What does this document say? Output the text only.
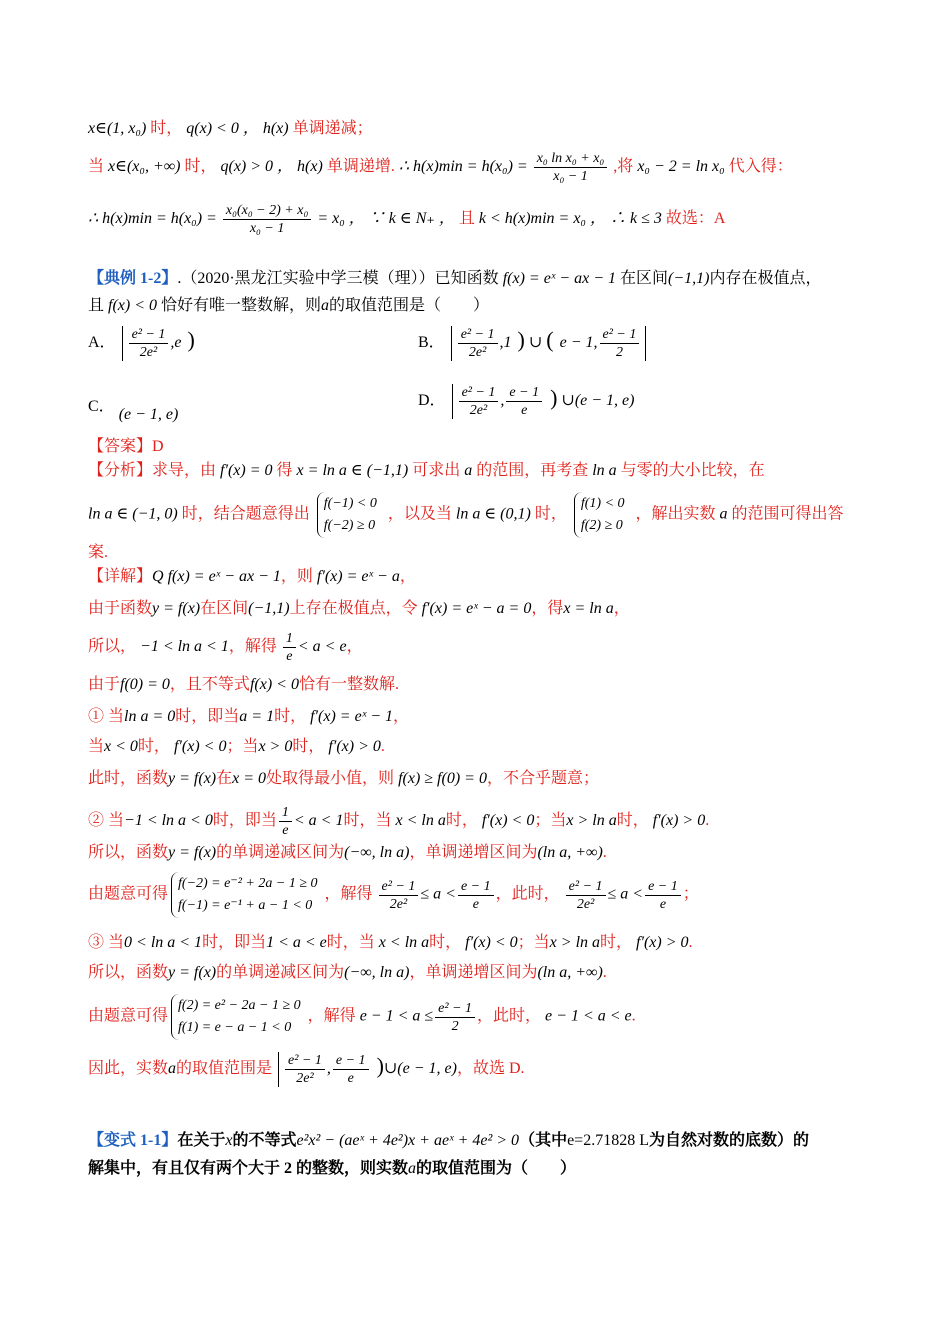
x∈(1, x₀) 时， q(x) < 0 ， h(x) 单调递减；
当 x∈(x₀, +∞) 时， q(x) > 0 ， h(x) 单调递增. ∴ $h(x)\min = h(x_0) = \frac{\text{x₀ ln x₀ + x₀}}{\text{x₀ − 1}}$ ,将 x₀ − 2 = ln x₀ 代入得：
∴ $h(x)\min = h(x_0) = \frac{\text{x₀(x₀ − 2) + x₀}}{\text{x₀ − 1}} = x_0$ ， ∵ k ∈ N₊ ， 且 k < h(x)min = x₀ ， ∴ k ≤ 3 故选：A
【典例 1-2】.（2020·黑龙江实验中学三模（理））已知函数 f(x) = eˣ − ax − 1 在区间(−1,1)内存在极值点，
且 f(x) < 0 恰好有唯一整数解，则a的取值范围是（　　）
A． $\frac{\text{e² − 1}}{\text{2e²}} ,e$ )	B． $\frac{\text{e² − 1}}{\text{2e²}} ,1$ ) ∪ ( e − 1, $\frac{\text{e² − 1}}{2}$
C． (e − 1, e)
D． $\frac{\text{e² − 1}}{\text{2e²}}$ , $\frac{e - 1}{e}$ ) ∪(e − 1, e)
【答案】D
【分析】求导，由 f′(x) = 0 得 x = ln a ∈ (−1,1) 可求出 a 的范围，再考查 ln a 与零的大小比较，在
ln a ∈ (−1, 0) 时，结合题意得出 f(−1) < 0
f(−2) ≥ 0 ，以及当 ln a ∈ (0,1) 时， f(1) < 0
f(2) ≥ 0 ，解出实数 a 的范围可得出答
案.
【详解】Q f(x) = eˣ − ax − 1，则 f′(x) = eˣ − a，
由于函数y = f(x)在区间(−1,1)上存在极值点，令 f′(x) = eˣ − a = 0，得x = ln a，
所以， −1 < ln a < 1，解得 $\frac{1}{e} < a < e$，
由于f(0) = 0，且不等式f(x) < 0恰有一整数解.
① 当ln a = 0时，即当a = 1时， f′(x) = eˣ − 1，
当x < 0时， f′(x) < 0；当x > 0时， f′(x) > 0.
此时，函数y = f(x)在x = 0处取得最小值，则 f(x) ≥ f(0) = 0，不合乎题意；
② 当−1 < ln a < 0时，即当 $\frac{1}{e} < a < 1$时，当 x < ln a时， f′(x) < 0；当x > ln a时， f′(x) > 0.
所以，函数y = f(x)的单调递减区间为(−∞, ln a)，单调递增区间为(ln a, +∞).
由题意可得f(−2) = e⁻² + 2a − 1 ≥ 0
f(−1) = e⁻¹ + a − 1 < 0，解得 $\frac{\text{e² − 1}}{\text{2e²}} \le a < \frac{e - 1}{e}$ ，此时， $\frac{\text{e² − 1}}{\text{2e²}} \le a < \frac{e - 1}{e}$ ；
③ 当0 < ln a < 1时，即当1 < a < e时，当 x < ln a时， f′(x) < 0；当x > ln a时， f′(x) > 0.
所以，函数y = f(x)的单调递减区间为(−∞, ln a)，单调递增区间为(ln a, +∞).
由题意可得f(2) = e² − 2a − 1 ≥ 0
f(1) = e − a − 1 < 0，解得 $e - 1 < a \le \frac{\text{e² − 1}}{2}$ ，此时， e − 1 < a < e.
因此，实数a的取值范围是 $\frac{\text{e² − 1}}{\text{2e²}}$ , $\frac{e - 1}{e}$ )∪(e − 1, e)，故选 D.
【变式 1-1】在关于x的不等式e²x² − (aeˣ + 4e²)x + aeˣ + 4e² > 0（其中e=2.71828 L为自然对数的底数）的
解集中，有且仅有两个大于 2 的整数，则实数a的取值范围为（　　）
